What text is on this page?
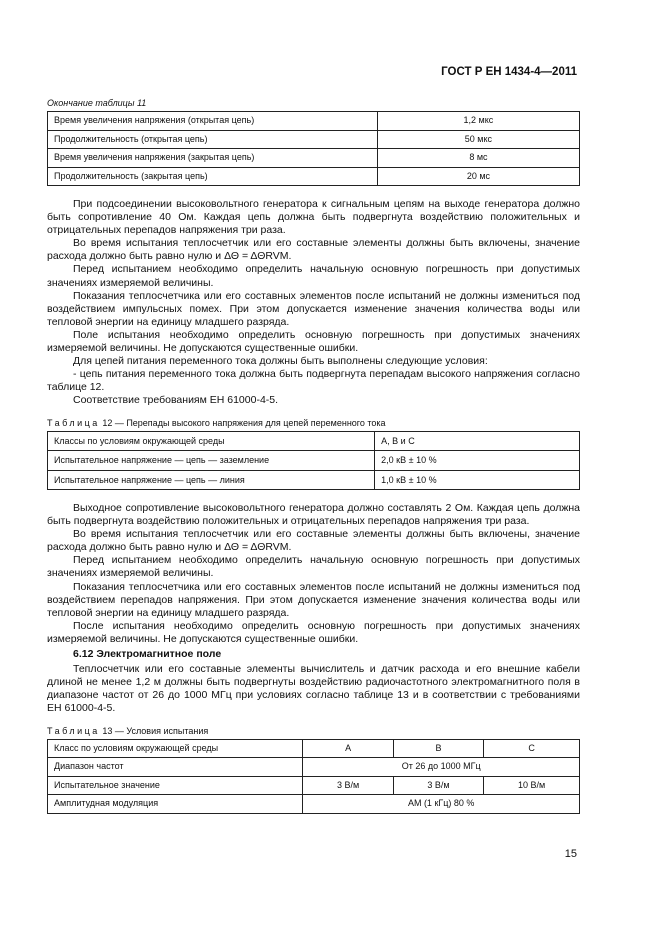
ГОСТ Р ЕН 1434-4—2011
Окончание таблицы 11
Время увеличения напряжения (открытая цепь)	1,2 мкс
Продолжительность (открытая цепь)	50 мкс
Время увеличения напряжения (закрытая цепь)	8 мс
Продолжительность (закрытая цепь)	20 мс

При подсоединении высоковольтного генератора к сигнальным цепям на выходе генератора должно быть сопротивление 40 Ом. Каждая цепь должна быть подвергнута воздействию положительных и отрицательных перепадов напряжения три раза.

Во время испытания теплосчетчик или его составные элементы должны быть включены, значение расхода должно быть равно нулю и ΔΘ = ΔΘRVM.

Перед испытанием необходимо определить начальную основную погрешность при допустимых значениях измеряемой величины.

Показания теплосчетчика или его составных элементов после испытаний не должны измениться под воздействием импульсных помех. При этом допускается изменение значения количества воды или тепловой энергии на единицу младшего разряда.

Поле испытания необходимо определить основную погрешность при допустимых значениях измеряемой величины. Не допускаются существенные ошибки.

Для цепей питания переменного тока должны быть выполнены следующие условия:

- цепь питания переменного тока должна быть подвергнута перепадам высокого напряжения согласно таблице 12.

Соответствие требованиям ЕН 61000-4-5.

Таблица 12 — Перепады высокого напряжения для цепей переменного тока
Классы по условиям окружающей среды	А, В и С
Испытательное напряжение — цепь — заземление	2,0 кВ ± 10 %
Испытательное напряжение — цепь — линия	1,0 кВ ± 10 %

Выходное сопротивление высоковольтного генератора должно составлять 2 Ом. Каждая цепь должна быть подвергнута воздействию положительных и отрицательных перепадов напряжения три раза.

Во время испытания теплосчетчик или его составные элементы должны быть включены, значение расхода должно быть равно нулю и ΔΘ = ΔΘRVM.

Перед испытанием необходимо определить начальную основную погрешность при допустимых значениях измеряемой величины.

Показания теплосчетчика или его составных элементов после испытаний не должны измениться под воздействием перепадов напряжения. При этом допускается изменение значения количества воды или тепловой энергии на единицу младшего разряда.

После испытания необходимо определить основную погрешность при допустимых значениях измеряемой величины. Не допускаются существенные ошибки.

6.12 Электромагнитное поле

Теплосчетчик или его составные элементы вычислитель и датчик расхода и его внешние кабели длиной не менее 1,2 м должны быть подвергнуты воздействию радиочастотного электромагнитного поля в диапазоне частот от 26 до 1000 МГц при условиях согласно таблице 13 и в соответствии с требованиями ЕН 61000-4-5.

Таблица 13 — Условия испытания
Класс по условиям окружающей среды	А	В	С
Диапазон частот	От 26 до 1000 МГц		
Испытательное значение	3 В/м	3 В/м	10 В/м
Амплитудная модуляция	АМ (1 кГц) 80 %		
15
